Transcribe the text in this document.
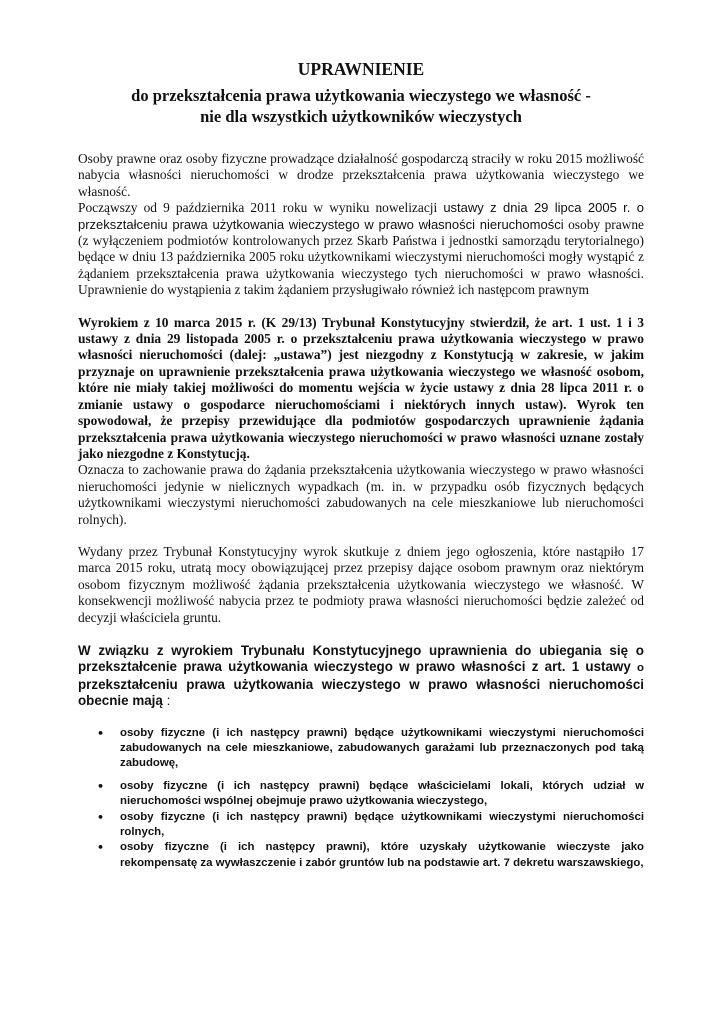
UPRAWNIENIE
do przekształcenia prawa użytkowania wieczystego we własność -
nie dla wszystkich użytkowników wieczystych

Osoby prawne oraz osoby fizyczne prowadzące działalność gospodarczą straciły w roku 2015 możliwość nabycia własności nieruchomości w drodze przekształcenia prawa użytkowania wieczystego we własność.

Począwszy od 9 października 2011 roku w wyniku nowelizacji ustawy z dnia 29 lipca 2005 r. o przekształceniu prawa użytkowania wieczystego w prawo własności nieruchomości osoby prawne (z wyłączeniem podmiotów kontrolowanych przez Skarb Państwa i jednostki samorządu terytorialnego) będące w dniu 13 października 2005 roku użytkownikami wieczystymi nieruchomości mogły wystąpić z żądaniem przekształcenia prawa użytkowania wieczystego tych nieruchomości w prawo własności. Uprawnienie do wystąpienia z takim żądaniem przysługiwało również ich następcom prawnym

Wyrokiem z 10 marca 2015 r. (K 29/13) Trybunał Konstytucyjny stwierdził, że art. 1 ust. 1 i 3 ustawy z dnia 29 listopada 2005 r. o przekształceniu prawa użytkowania wieczystego w prawo własności nieruchomości (dalej: „ustawa”) jest niezgodny z Konstytucją w zakresie, w jakim przyznaje on uprawnienie przekształcenia prawa użytkowania wieczystego we własność osobom, które nie miały takiej możliwości do momentu wejścia w życie ustawy z dnia 28 lipca 2011 r. o zmianie ustawy o gospodarce nieruchomościami i niektórych innych ustaw). Wyrok ten spowodował, że przepisy przewidujące dla podmiotów gospodarczych uprawnienie żądania przekształcenia prawa użytkowania wieczystego nieruchomości w prawo własności uznane zostały jako niezgodne z Konstytucją.

Oznacza to zachowanie prawa do żądania przekształcenia użytkowania wieczystego w prawo własności nieruchomości jedynie w nielicznych wypadkach (m. in. w przypadku osób fizycznych będących użytkownikami wieczystymi nieruchomości zabudowanych na cele mieszkaniowe lub nieruchomości rolnych).

Wydany przez Trybunał Konstytucyjny wyrok skutkuje z dniem jego ogłoszenia, które nastąpiło 17 marca 2015 roku, utratą mocy obowiązującej przez przepisy dające osobom prawnym oraz niektórym osobom fizycznym możliwość żądania przekształcenia użytkowania wieczystego we własność. W konsekwencji możliwość nabycia przez te podmioty prawa własności nieruchomości będzie zależeć od decyzji właściciela gruntu.

W związku z wyrokiem Trybunału Konstytucyjnego uprawnienia do ubiegania się o przekształcenie prawa użytkowania wieczystego w prawo własności z art. 1 ustawy o przekształceniu prawa użytkowania wieczystego w prawo własności nieruchomości obecnie mają :

• osoby fizyczne (i ich następcy prawni) będące użytkownikami wieczystymi nieruchomości zabudowanych na cele mieszkaniowe, zabudowanych garażami lub przeznaczonych pod taką zabudowę,
• osoby fizyczne (i ich następcy prawni) będące właścicielami lokali, których udział w nieruchomości wspólnej obejmuje prawo użytkowania wieczystego,
• osoby fizyczne (i ich następcy prawni) będące użytkownikami wieczystymi nieruchomości rolnych,
• osoby fizyczne (i ich następcy prawni), które uzyskały użytkowanie wieczyste jako rekompensatę za wywłaszczenie i zabór gruntów lub na podstawie art. 7 dekretu warszawskiego,
